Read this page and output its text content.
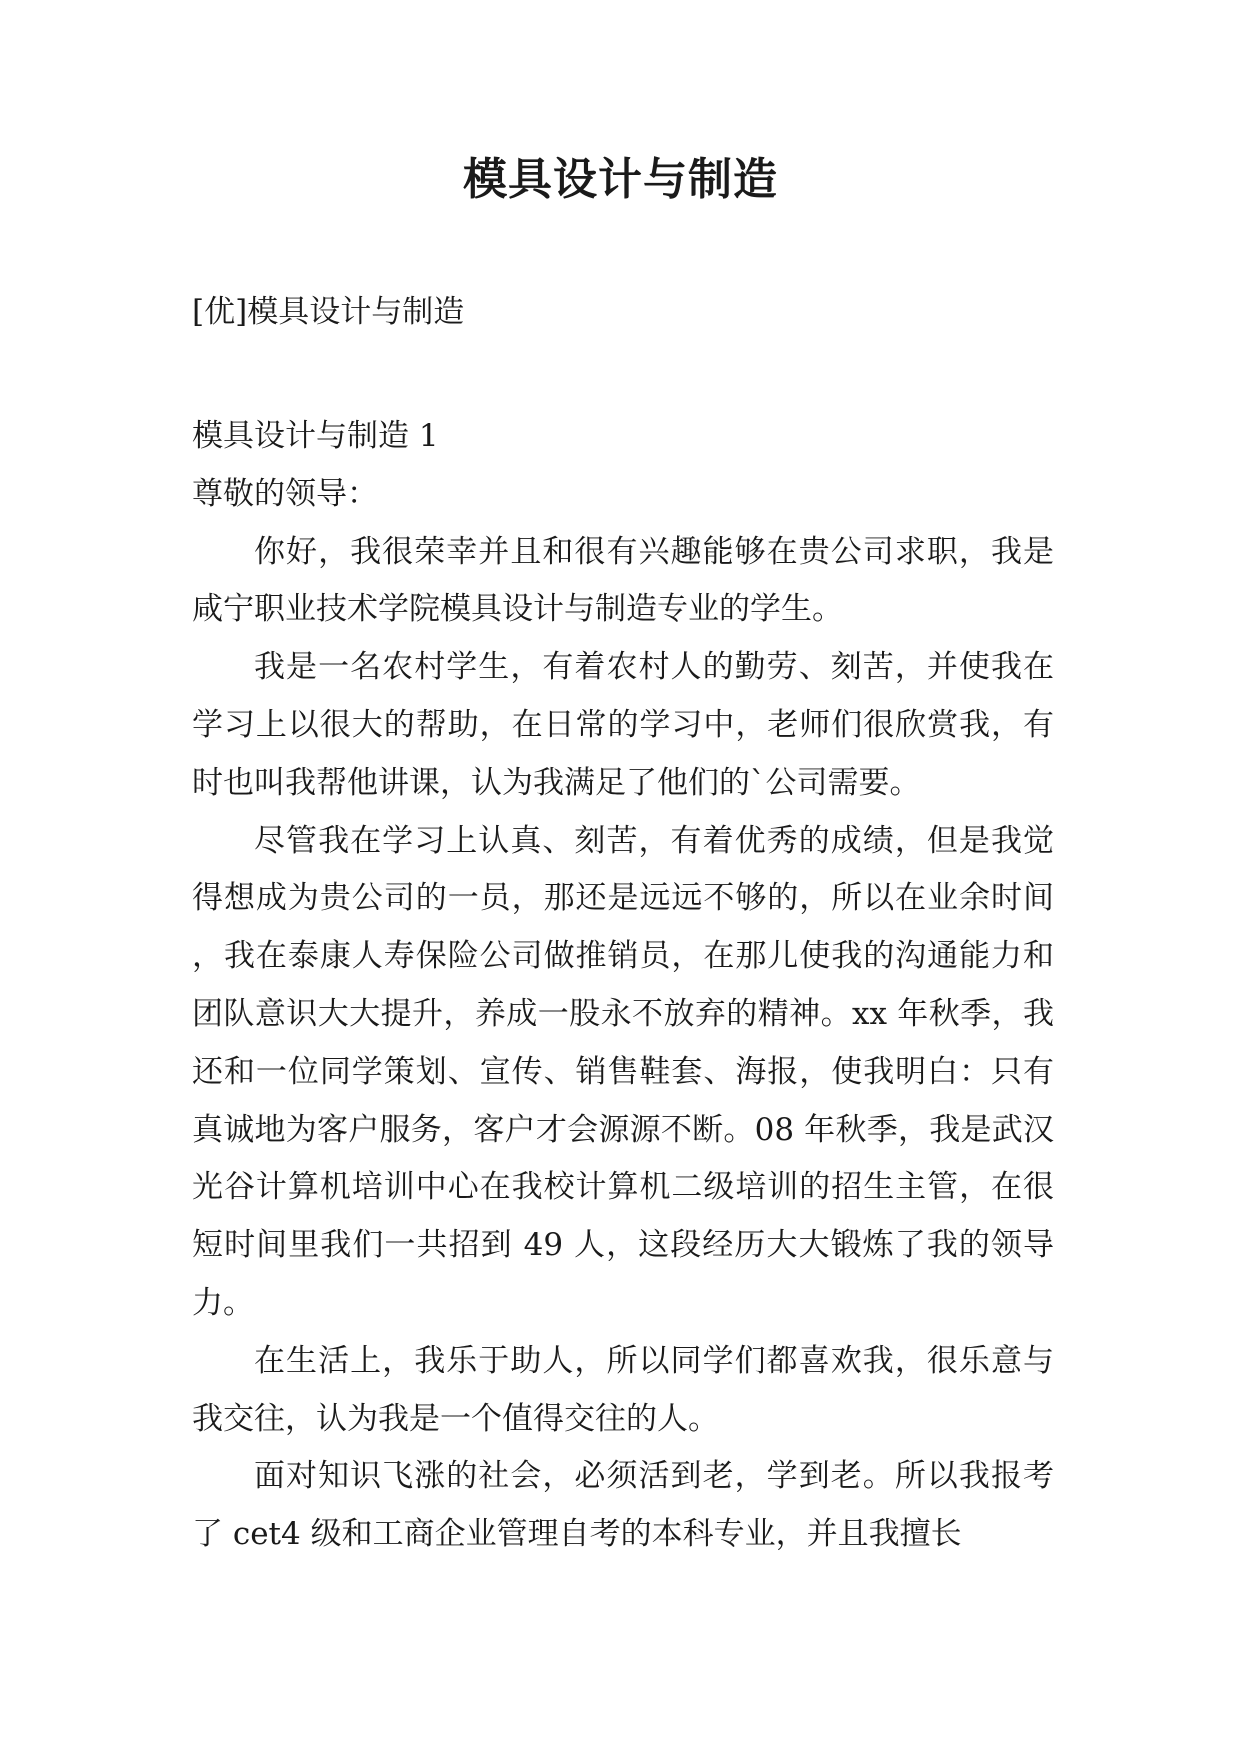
模具设计与制造
[优]模具设计与制造

模具设计与制造 1

尊敬的领导：

你好，我很荣幸并且和很有兴趣能够在贵公司求职，我是咸宁职业技术学院模具设计与制造专业的学生。

我是一名农村学生，有着农村人的勤劳、刻苦，并使我在学习上以很大的帮助，在日常的学习中，老师们很欣赏我，有时也叫我帮他讲课，认为我满足了他们的`公司需要。

尽管我在学习上认真、刻苦，有着优秀的成绩，但是我觉得想成为贵公司的一员，那还是远远不够的，所以在业余时间，我在泰康人寿保险公司做推销员，在那儿使我的沟通能力和团队意识大大提升，养成一股永不放弃的精神。xx 年秋季，我还和一位同学策划、宣传、销售鞋套、海报，使我明白：只有真诚地为客户服务，客户才会源源不断。08 年秋季，我是武汉光谷计算机培训中心在我校计算机二级培训的招生主管，在很短时间里我们一共招到 49 人，这段经历大大锻炼了我的领导力。

在生活上，我乐于助人，所以同学们都喜欢我，很乐意与我交往，认为我是一个值得交往的人。

面对知识飞涨的社会，必须活到老，学到老。所以我报考了 cet4 级和工商企业管理自考的本科专业，并且我擅长
